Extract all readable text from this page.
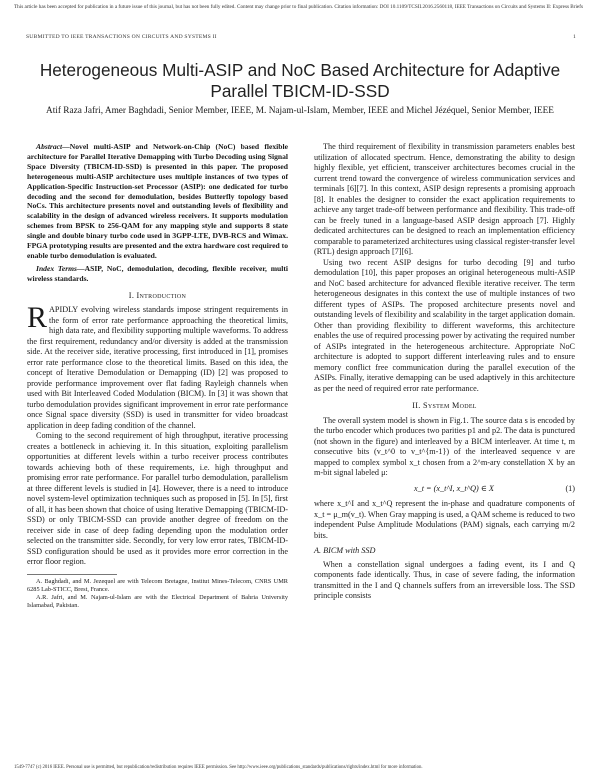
This article has been accepted for publication in a future issue of this journal, but has not been fully edited. Content may change prior to final publication. Citation information: DOI 10.1109/TCSII.2016.2560118, IEEE Transactions on Circuits and Systems II: Express Briefs
SUBMITTED TO IEEE TRANSACTIONS ON CIRCUITS AND SYSTEMS II	1
Heterogeneous Multi-ASIP and NoC Based Architecture for Adaptive Parallel TBICM-ID-SSD
Atif Raza Jafri, Amer Baghdadi, Senior Member, IEEE, M. Najam-ul-Islam, Member, IEEE and Michel Jézéquel, Senior Member, IEEE

Abstract—Novel multi-ASIP and Network-on-Chip (NoC) based flexible architecture for Parallel Iterative Demapping with Turbo Decoding using Signal Space Diversity (TBICM-ID-SSD) is presented in this paper. The proposed heterogeneous multi-ASIP architecture uses multiple instances of two types of Application-Specific Instruction-set Processor (ASIP): one dedicated for turbo decoding and the second for demodulation, besides Butterfly topology based NoCs. This architecture presents novel and outstanding levels of flexibility and scalability in the design of advanced wireless receivers. It supports modulation schemes from BPSK to 256-QAM for any mapping style and supports 8 state single and double binary turbo code used in 3GPP-LTE, DVB-RCS and Wimax. FPGA prototyping results are presented and the extra hardware cost required to enable turbo demodulation is evaluated.

Index Terms—ASIP, NoC, demodulation, decoding, flexible receiver, multi wireless standards.

I. Introduction

RAPIDLY evolving wireless standards impose stringent requirements in the form of error rate performance approaching the theoretical limits, high data rate, and flexibility supporting multiple waveforms. To address the first requirement, redundancy and/or diversity is added at the transmission side. At the receiver side, iterative processing, first introduced in [1], promises error rate performance close to the theoretical limits. Based on this idea, the concept of Iterative Demodulation or Demapping (ID) [2] was proposed to provide performance improvement over flat fading Rayleigh channels when used with Bit Interleaved Coded Modulation (BICM). In [3] it was shown that turbo demodulation provides significant improvement in error rate performance once Signal space diversity (SSD) is used in transmitter for video broadcast application in deep fading condition of the channel.

Coming to the second requirement of high throughput, iterative processing creates a bottleneck in achieving it. In this situation, exploiting parallelism opportunities at different levels within a turbo receiver process contributes towards achieving both of these requirements, i.e. high throughput and promising error rate performance. For parallel turbo demodulation, parallelism at three different levels is studied in [4]. However, there is a need to introduce novel system-level optimization techniques such as proposed in [5]. In [5], first of all, it has been shown that choice of using Iterative Demapping (TBICM-ID-SSD) or only TBICM-SSD can provide another degree of freedom on the receiver side in case of deep fading depending upon the modulation order selected on the transmitter side. Secondly, for very low error rates, TBICM-ID-SSD configuration should be used as it provides more error correction in the error floor region.

A. Baghdadi, and M. Jezequel are with Telecom Bretagne, Institut Mines-Telecom, CNRS UMR 6285 Lab-STICC, Brest, France.

A.R. Jafri, and M. Najam-ul-Islam are with the Electrical Department of Bahria University Islamabad, Pakistan.

The third requirement of flexibility in transmission parameters enables best utilization of allocated spectrum. Hence, demonstrating the ability to design highly flexible, yet efficient, transceiver architectures becomes crucial in the current trend toward the convergence of wireless communication services and terminals [6][7]. In this context, ASIP design represents a promising approach [8]. It enables the designer to consider the exact application requirements to achieve any target trade-off between performance and flexibility. This trade-off can be freely tuned in a language-based ASIP design approach [7]. Highly dedicated architectures can be designed to reach an implementation efficiency comparable to parameterized architectures using classical register-transfer level (RTL) design approach [7][6].

Using two recent ASIP designs for turbo decoding [9] and turbo demodulation [10], this paper proposes an original heterogeneous multi-ASIP and NoC based architecture for advanced flexible iterative receiver. The term heterogeneous designates in this context the use of multiple instances of two different types of ASIPs. The proposed architecture presents novel and outstanding levels of flexibility and scalability in the target application domain. Other than providing flexibility to different waveforms, this architecture enables the use of required processing power by activating the required number of ASIPs integrated in the heterogeneous architecture. Appropriate NoC architecture is adopted to support different interleaving rules and to ensure memory conflict free communication during the parallel execution of the ASIPs. Finally, iterative demapping can be used adaptively in this architecture as per the need of required error rate performance.

II. System Model

The overall system model is shown in Fig.1. The source data s is encoded by the turbo encoder which produces two parities p1 and p2. The data is punctured (not shown in the figure) and interleaved by a BICM interleaver. At time t, m consecutive bits (v_t^0 to v_t^{m-1}) of the interleaved sequence v are mapped to complex symbol x_t chosen from a 2^m-ary constellation X by an m-bit signal labeled μ:

x_t = (x_t^I, x_t^Q) ∈ X	(1)

where x_t^I and x_t^Q represent the in-phase and quadrature components of x_t = μ_m(v_t). When Gray mapping is used, a QAM scheme is reduced to two independent Pulse Amplitude Modulations (PAM) signals, each carrying m/2 bits.

A. BICM with SSD

When a constellation signal undergoes a fading event, its I and Q components fade identically. Thus, in case of severe fading, the information transmitted in the I and Q channels suffers from an irreversible loss. The SSD principle consists

1549-7747 (c) 2016 IEEE. Personal use is permitted, but republication/redistribution requires IEEE permission. See http://www.ieee.org/publications_standards/publications/rights/index.html for more information.
